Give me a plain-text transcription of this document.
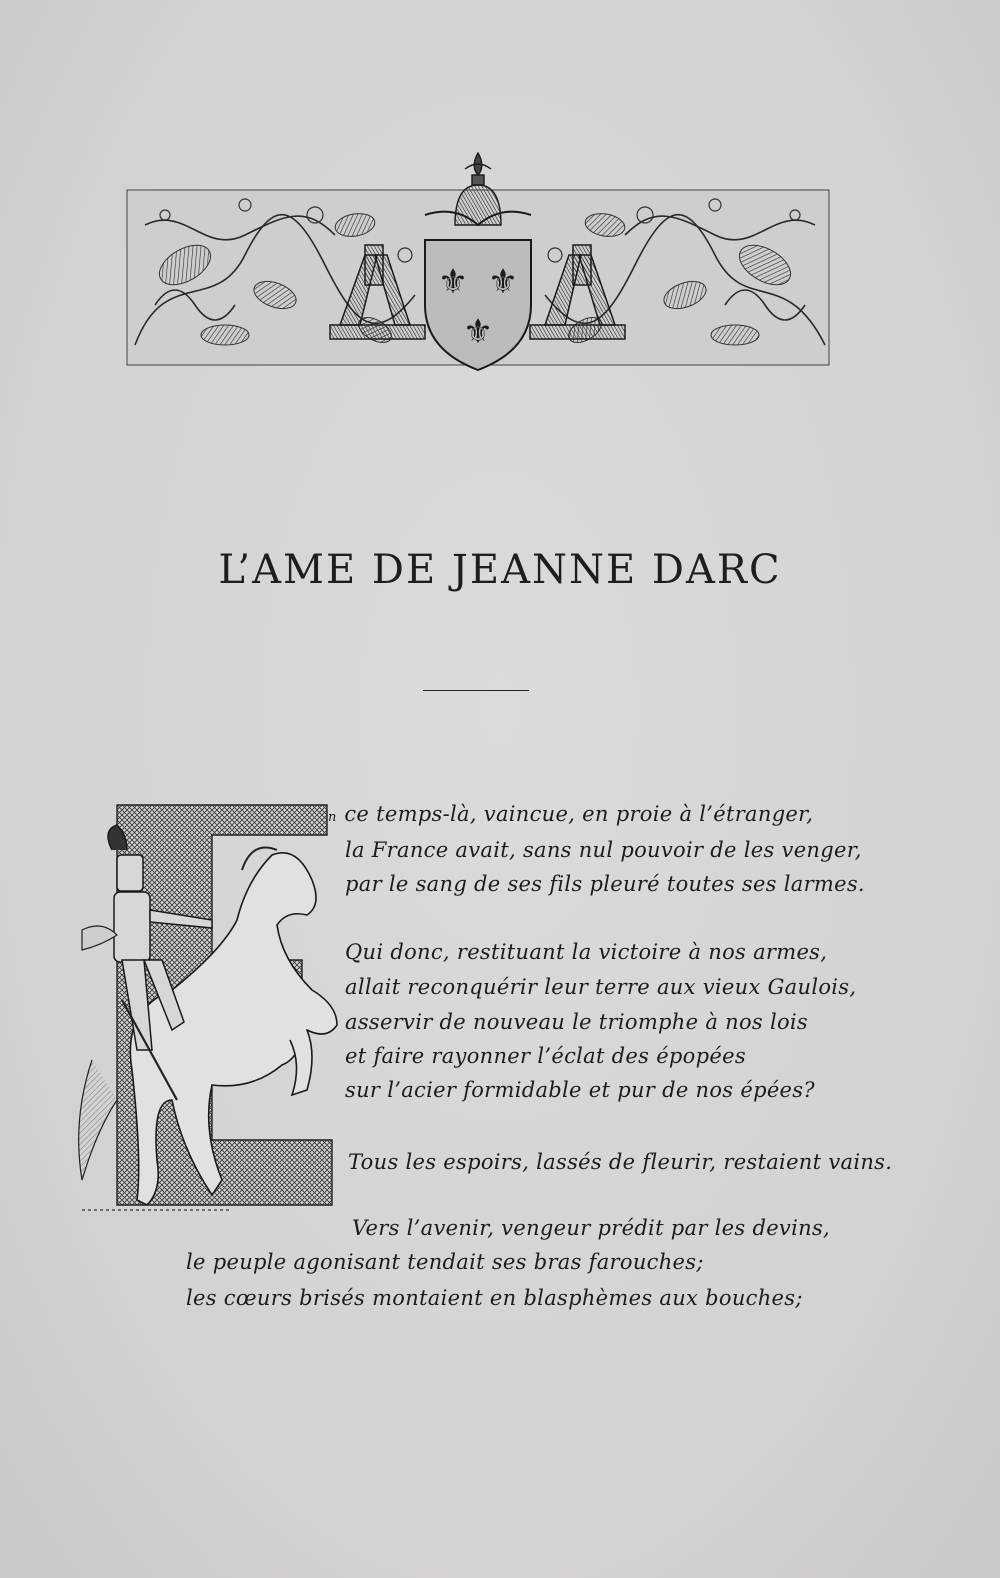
⚜ ⚜
⚜
L’AME DE JEANNE DARC
n ce temps-là, vaincue, en proie à l’étranger,
la France avait, sans nul pouvoir de les venger,
par le sang de ses fils pleuré toutes ses larmes.
Qui donc, restituant la victoire à nos armes,
allait reconquérir leur terre aux vieux Gaulois,
asservir de nouveau le triomphe à nos lois
et faire rayonner l’éclat des épopées
sur l’acier formidable et pur de nos épées?
Tous les espoirs, lassés de fleurir, restaient vains.
Vers l’avenir, vengeur prédit par les devins,
le peuple agonisant tendait ses bras farouches;
les cœurs brisés montaient en blasphèmes aux bouches;
